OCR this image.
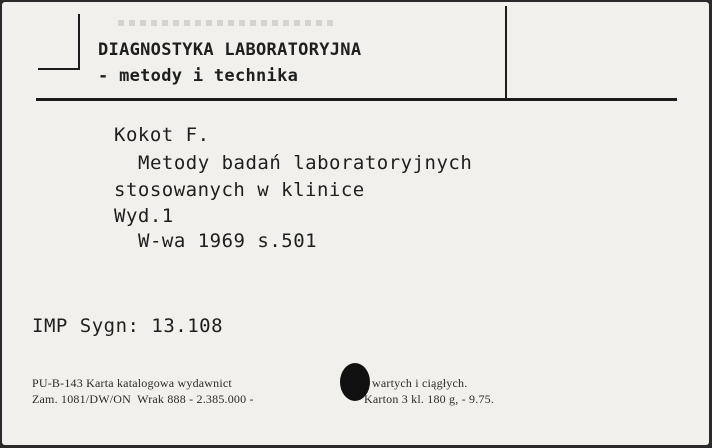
DIAGNOSTYKA LABORATORYJNA
- metody i technika
Kokot F.
Metody badań laboratoryjnych
stosowanych w klinice
Wyd.1
W-wa 1969 s.501
IMP Sygn: 13.108
PU-B-143 Karta katalogowa wydawnict	wartych i ciągłych.
Zam. 1081/DW/ON  Wrak 888 - 2.385.000 -	Karton 3 kl. 180 g, - 9.75.
